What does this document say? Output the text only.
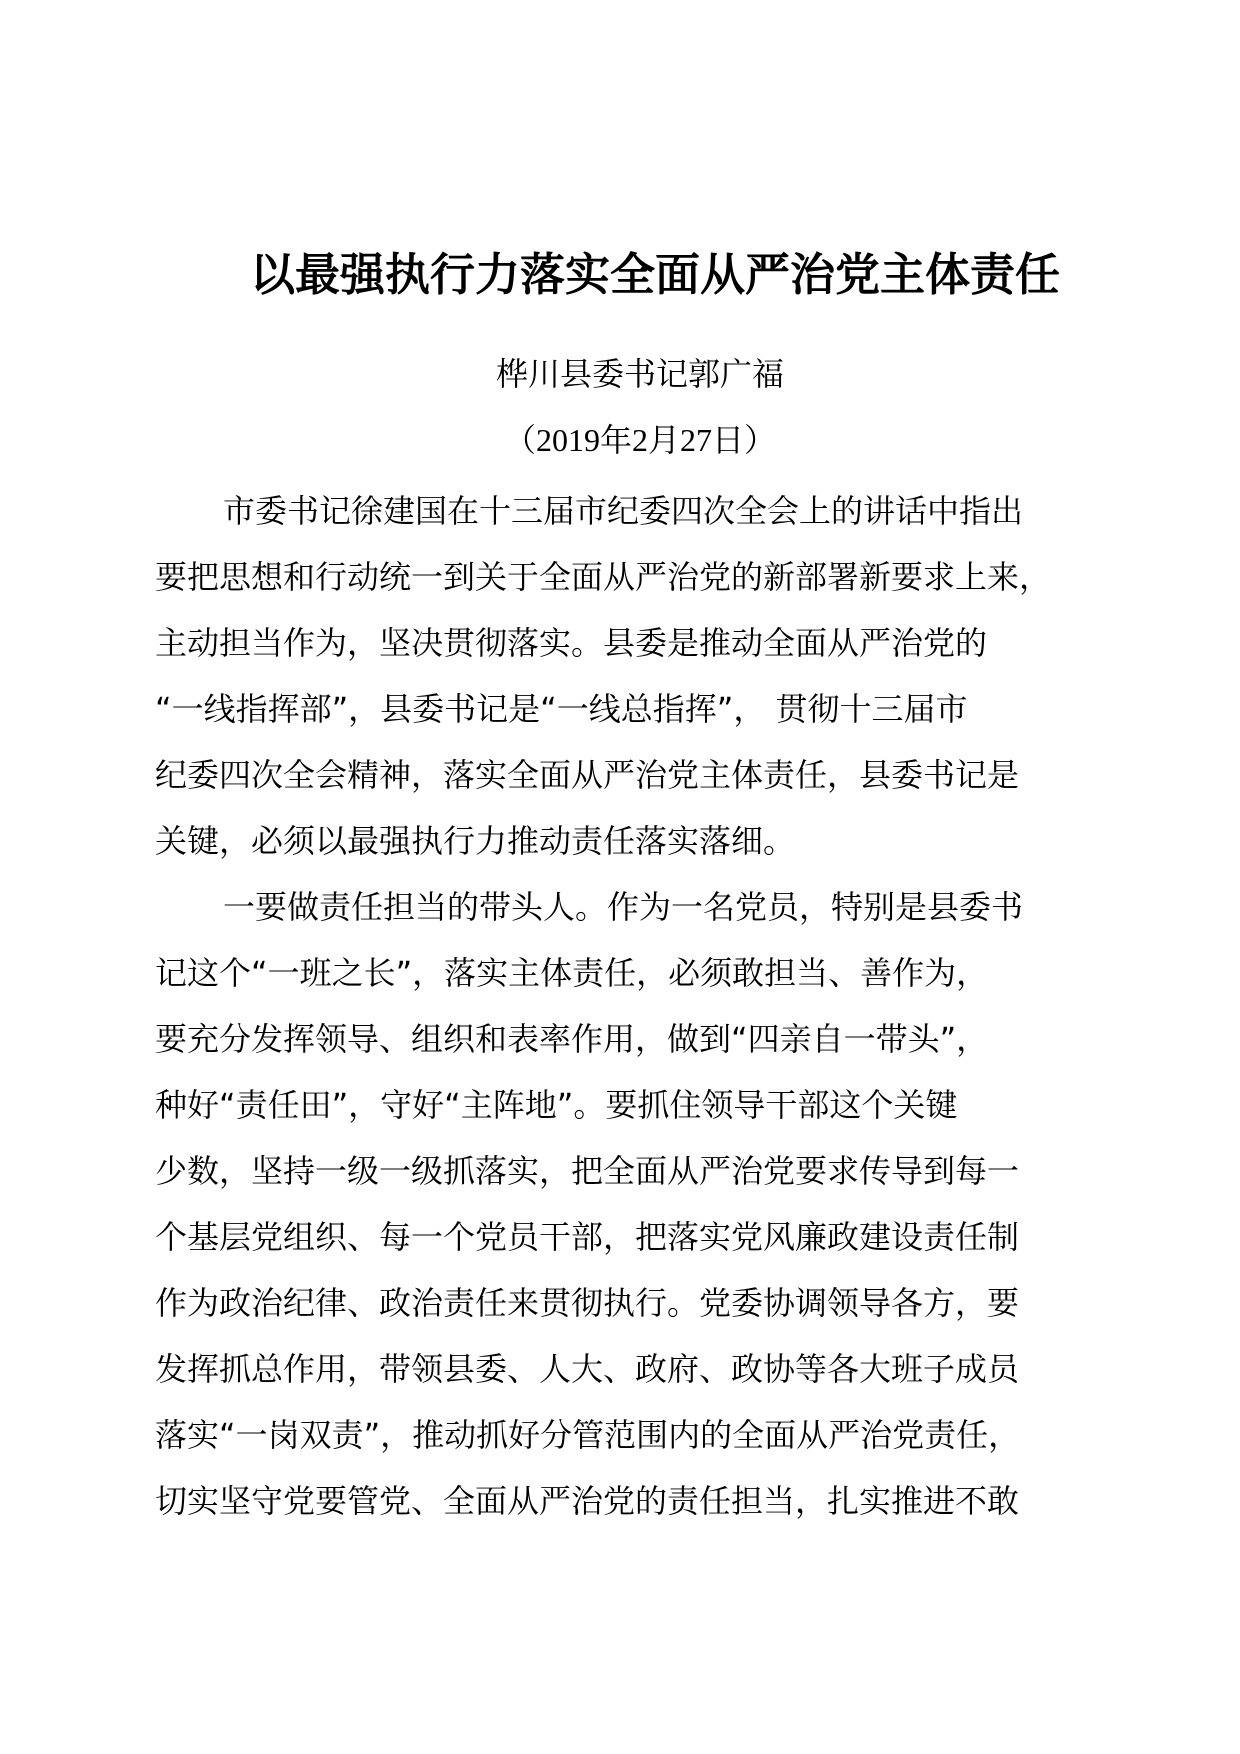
以最强执行力落实全面从严治党主体责任
桦川县委书记郭广福
（2019年2月27日）
市委书记徐建国在十三届市纪委四次全会上的讲话中指出
要把思想和行动统一到关于全面从严治党的新部署新要求上来，
主动担当作为，坚决贯彻落实。县委是推动全面从严治党的
“一线指挥部”，县委书记是“一线总指挥”， 贯彻十三届市
纪委四次全会精神，落实全面从严治党主体责任，县委书记是
关键，必须以最强执行力推动责任落实落细。
一要做责任担当的带头人。作为一名党员，特别是县委书
记这个“一班之长”，落实主体责任，必须敢担当、善作为，
要充分发挥领导、组织和表率作用，做到“四亲自一带头”，
种好“责任田”，守好“主阵地”。要抓住领导干部这个关键
少数，坚持一级一级抓落实，把全面从严治党要求传导到每一
个基层党组织、每一个党员干部，把落实党风廉政建设责任制
作为政治纪律、政治责任来贯彻执行。党委协调领导各方，要
发挥抓总作用，带领县委、人大、政府、政协等各大班子成员
落实“一岗双责”，推动抓好分管范围内的全面从严治党责任，
切实坚守党要管党、全面从严治党的责任担当，扎实推进不敢
